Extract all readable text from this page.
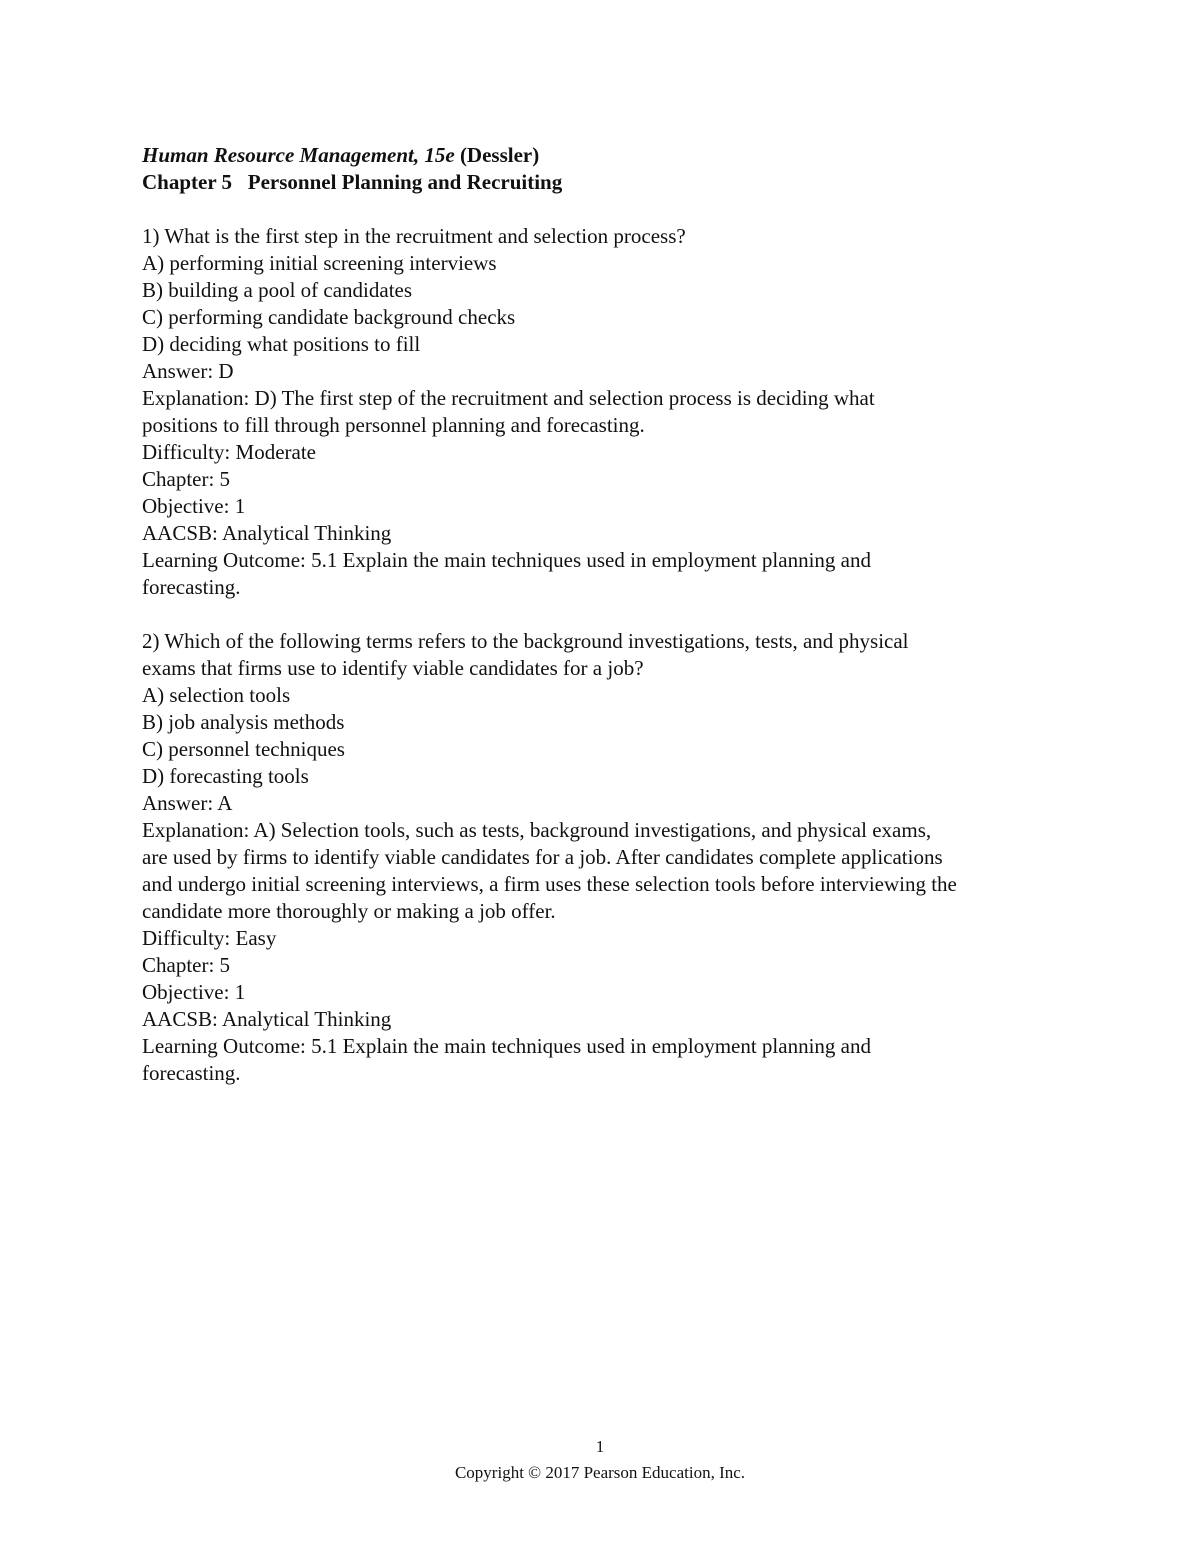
Human Resource Management, 15e (Dessler)
Chapter 5 Personnel Planning and Recruiting
1) What is the first step in the recruitment and selection process?
A) performing initial screening interviews
B) building a pool of candidates
C) performing candidate background checks
D) deciding what positions to fill
Answer: D
Explanation: D) The first step of the recruitment and selection process is deciding what
positions to fill through personnel planning and forecasting.
Difficulty: Moderate
Chapter: 5
Objective: 1
AACSB: Analytical Thinking
Learning Outcome: 5.1 Explain the main techniques used in employment planning and
forecasting.
2) Which of the following terms refers to the background investigations, tests, and physical
exams that firms use to identify viable candidates for a job?
A) selection tools
B) job analysis methods
C) personnel techniques
D) forecasting tools
Answer: A
Explanation: A) Selection tools, such as tests, background investigations, and physical exams,
are used by firms to identify viable candidates for a job. After candidates complete applications
and undergo initial screening interviews, a firm uses these selection tools before interviewing the
candidate more thoroughly or making a job offer.
Difficulty: Easy
Chapter: 5
Objective: 1
AACSB: Analytical Thinking
Learning Outcome: 5.1 Explain the main techniques used in employment planning and
forecasting.
1
Copyright © 2017 Pearson Education, Inc.
